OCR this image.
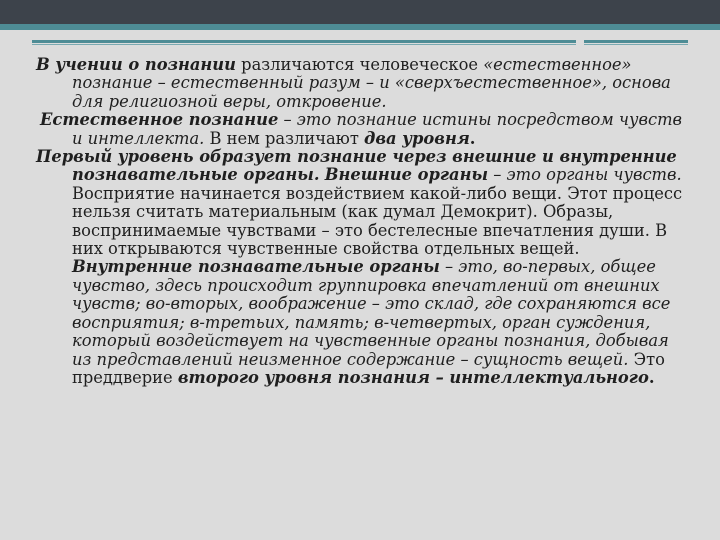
В учении о познании различаются человеческое «естественное» познание – естественный разум – и «сверхъестественное», основа для религиозной веры, откровение.

Естественное познание – это познание истины посредством чувств и интеллекта. В нем различают два уровня.

Первый уровень образует познание через внешние и внутренние познавательные органы. Внешние органы – это органы чувств. Восприятие начинается воздействием какой-либо вещи. Этот процесс нельзя считать материальным (как думал Демокрит). Образы, воспринимаемые чувствами – это бестелесные впечатления души. В них открываются чувственные свойства отдельных вещей. Внутренние познавательные органы – это, во-первых, общее чувство, здесь происходит группировка впечатлений от внешних чувств; во-вторых, воображение – это склад, где сохраняются все восприятия; в-третьих, память; в-четвертых, орган суждения, который воздействует на чувственные органы познания, добывая из представлений неизменное содержание – сущность вещей. Это преддверие второго уровня познания – интеллектуального.
